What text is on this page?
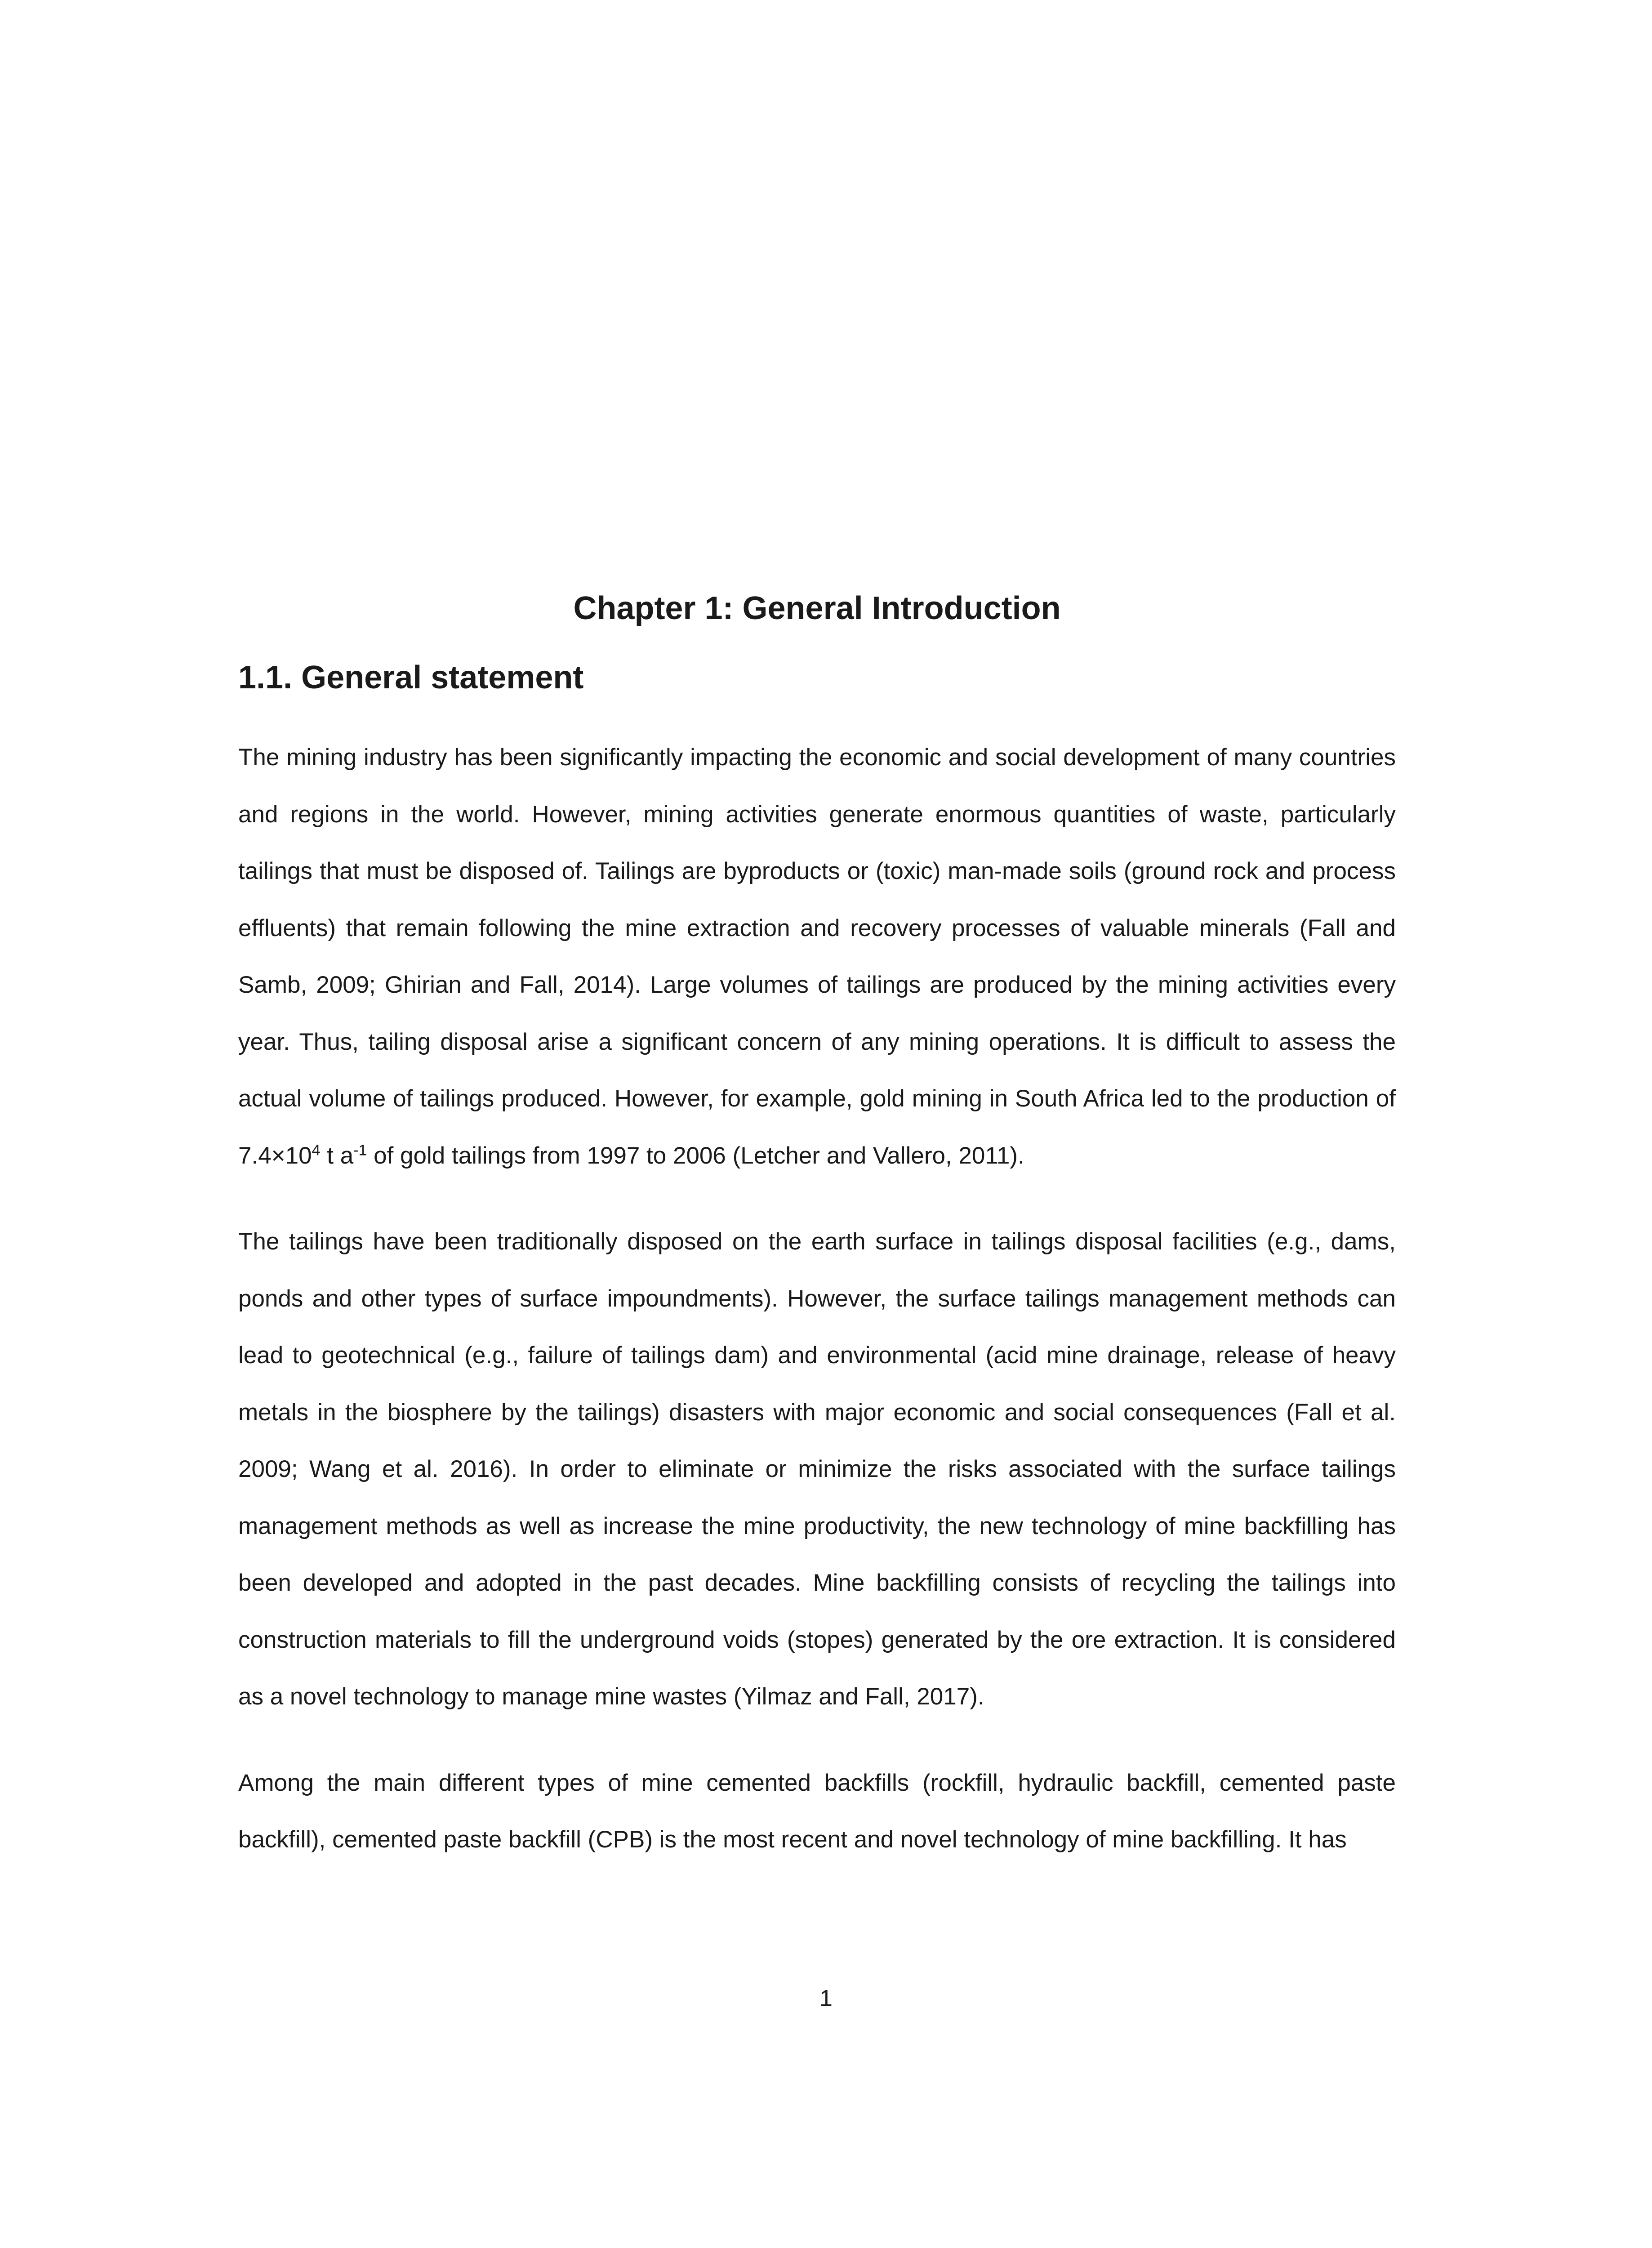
Chapter 1: General Introduction
1.1. General statement

The mining industry has been significantly impacting the economic and social development of many countries and regions in the world. However, mining activities generate enormous quantities of waste, particularly tailings that must be disposed of. Tailings are byproducts or (toxic) man-made soils (ground rock and process effluents) that remain following the mine extraction and recovery processes of valuable minerals (Fall and Samb, 2009; Ghirian and Fall, 2014). Large volumes of tailings are produced by the mining activities every year. Thus, tailing disposal arise a significant concern of any mining operations. It is difficult to assess the actual volume of tailings produced. However, for example, gold mining in South Africa led to the production of $7.4\times 10^4$ t $a^{-1}$ of gold tailings from 1997 to 2006 (Letcher and Vallero, 2011).

The tailings have been traditionally disposed on the earth surface in tailings disposal facilities (e.g., dams, ponds and other types of surface impoundments). However, the surface tailings management methods can lead to geotechnical (e.g., failure of tailings dam) and environmental (acid mine drainage, release of heavy metals in the biosphere by the tailings) disasters with major economic and social consequences (Fall et al. 2009; Wang et al. 2016). In order to eliminate or minimize the risks associated with the surface tailings management methods as well as increase the mine productivity, the new technology of mine backfilling has been developed and adopted in the past decades. Mine backfilling consists of recycling the tailings into construction materials to fill the underground voids (stopes) generated by the ore extraction. It is considered as a novel technology to manage mine wastes (Yilmaz and Fall, 2017).

Among the main different types of mine cemented backfills (rockfill, hydraulic backfill, cemented paste backfill), cemented paste backfill (CPB) is the most recent and novel technology of mine backfilling. It has

1
